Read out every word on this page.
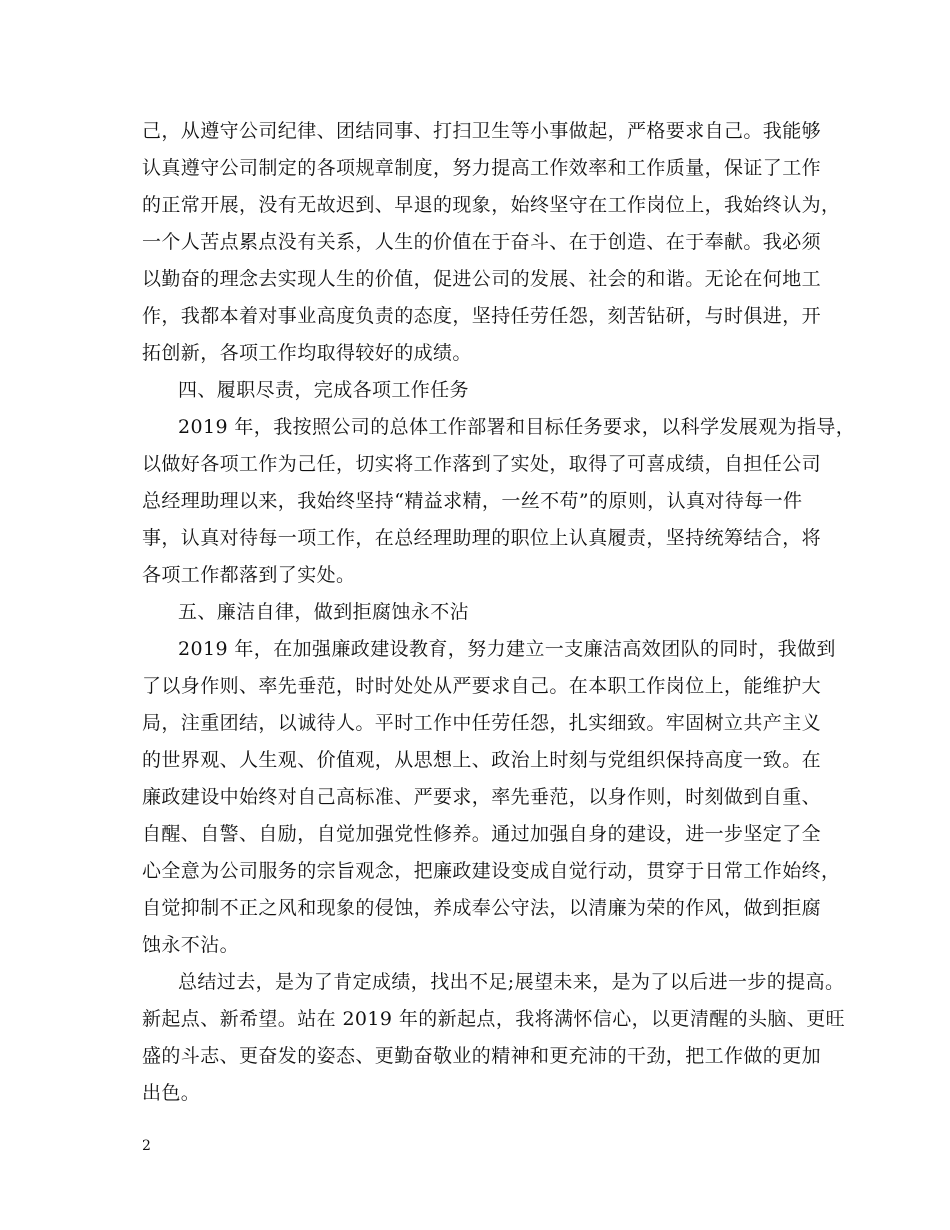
己，从遵守公司纪律、团结同事、打扫卫生等小事做起，严格要求自己。我能够
认真遵守公司制定的各项规章制度，努力提高工作效率和工作质量，保证了工作
的正常开展，没有无故迟到、早退的现象，始终坚守在工作岗位上，我始终认为，
一个人苦点累点没有关系，人生的价值在于奋斗、在于创造、在于奉献。我必须
以勤奋的理念去实现人生的价值，促进公司的发展、社会的和谐。无论在何地工
作，我都本着对事业高度负责的态度，坚持任劳任怨，刻苦钻研，与时俱进，开
拓创新，各项工作均取得较好的成绩。
四、履职尽责，完成各项工作任务
2019 年，我按照公司的总体工作部署和目标任务要求，以科学发展观为指导，
以做好各项工作为己任，切实将工作落到了实处，取得了可喜成绩，自担任公司
总经理助理以来，我始终坚持“精益求精，一丝不苟”的原则，认真对待每一件
事，认真对待每一项工作，在总经理助理的职位上认真履责，坚持统筹结合，将
各项工作都落到了实处。
五、廉洁自律，做到拒腐蚀永不沾
2019 年，在加强廉政建设教育，努力建立一支廉洁高效团队的同时，我做到
了以身作则、率先垂范，时时处处从严要求自己。在本职工作岗位上，能维护大
局，注重团结，以诚待人。平时工作中任劳任怨，扎实细致。牢固树立共产主义
的世界观、人生观、价值观，从思想上、政治上时刻与党组织保持高度一致。在
廉政建设中始终对自己高标准、严要求，率先垂范，以身作则，时刻做到自重、
自醒、自警、自励，自觉加强党性修养。通过加强自身的建设，进一步坚定了全
心全意为公司服务的宗旨观念，把廉政建设变成自觉行动，贯穿于日常工作始终，
自觉抑制不正之风和现象的侵蚀，养成奉公守法，以清廉为荣的作风，做到拒腐
蚀永不沾。
总结过去，是为了肯定成绩，找出不足;展望未来，是为了以后进一步的提高。
新起点、新希望。站在 2019 年的新起点，我将满怀信心，以更清醒的头脑、更旺
盛的斗志、更奋发的姿态、更勤奋敬业的精神和更充沛的干劲，把工作做的更加
出色。
2
